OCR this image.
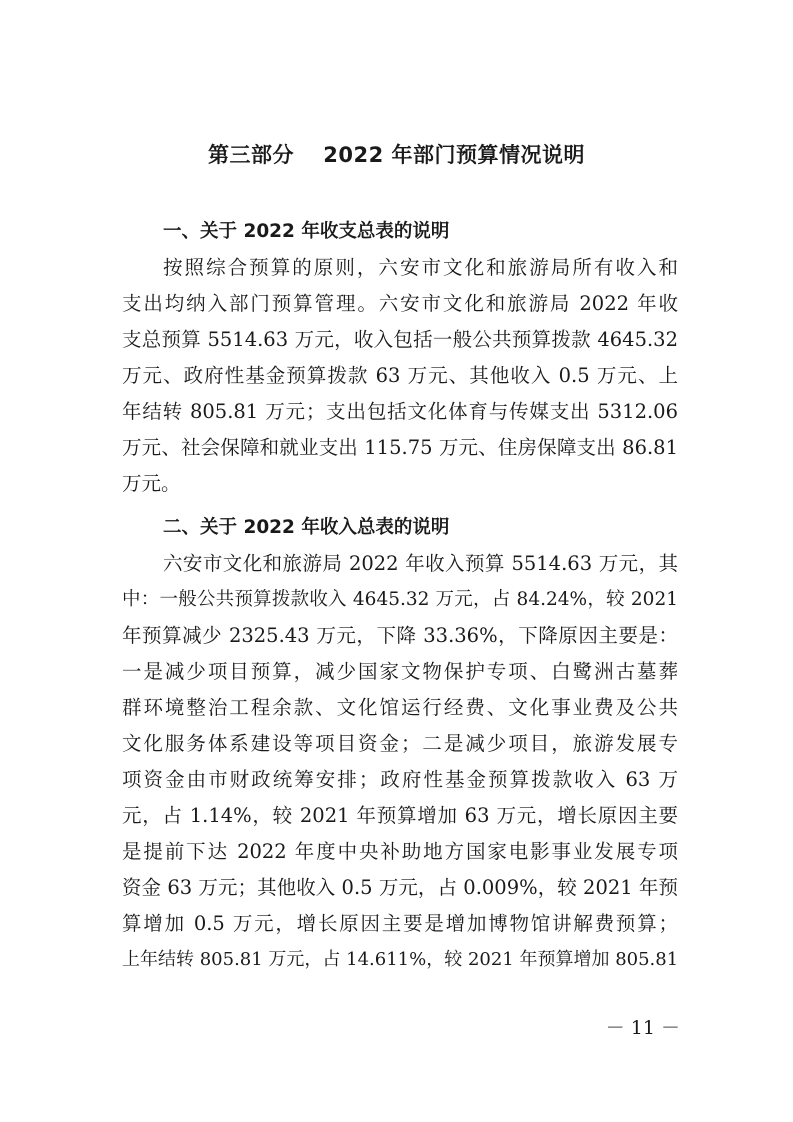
第三部分　 2022 年部门预算情况说明
一、关于 2022 年收支总表的说明

按照综合预算的原则，六安市文化和旅游局所有收入和

支出均纳入部门预算管理。六安市文化和旅游局 2022 年收

支总预算 5514.63 万元，收入包括一般公共预算拨款 4645.32

万元、政府性基金预算拨款 63 万元、其他收入 0.5 万元、上

年结转 805.81 万元；支出包括文化体育与传媒支出 5312.06

万元、社会保障和就业支出 115.75 万元、住房保障支出 86.81

万元。

二、关于 2022 年收入总表的说明

六安市文化和旅游局 2022 年收入预算 5514.63 万元，其

中：一般公共预算拨款收入 4645.32 万元，占 84.24%，较 2021

年预算减少 2325.43 万元，下降 33.36%，下降原因主要是：

一是减少项目预算，减少国家文物保护专项、白鹭洲古墓葬

群环境整治工程余款、文化馆运行经费、文化事业费及公共

文化服务体系建设等项目资金；二是减少项目，旅游发展专

项资金由市财政统筹安排；政府性基金预算拨款收入 63 万

元，占 1.14%，较 2021 年预算增加 63 万元，增长原因主要

是提前下达 2022 年度中央补助地方国家电影事业发展专项

资金 63 万元；其他收入 0.5 万元，占 0.009%，较 2021 年预

算增加 0.5 万元，增长原因主要是增加博物馆讲解费预算；

上年结转 805.81 万元，占 14.611%，较 2021 年预算增加 805.81

－ 11 －
